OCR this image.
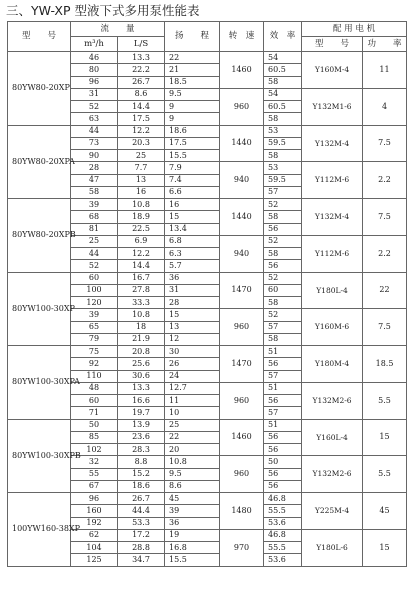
三、YW-XP 型液下式多用泵性能表
型　　号	流　　量		扬　　程	转　速	效　率	配 用 电 机	
	m³/h	L/S				型　　号	功　　率
80YW80-20XP	46	13.3	22	1460	54	Y160M-4	11
	80	22.2	21		60.5		
	96	26.7	18.5		58		
	31	8.6	9.5	960	54	Y132M1-6	4
	52	14.4	9		60.5		
	63	17.5	9		58		
80YW80-20XPA	44	12.2	18.6	1440	53	Y132M-4	7.5
	73	20.3	17.5		59.5		
	90	25	15.5		58		
	28	7.7	7.9	940	53	Y112M-6	2.2
	47	13	7.4		59.5		
	58	16	6.6		57		
80YW80-20XPB	39	10.8	16	1440	52	Y132M-4	7.5
	68	18.9	15		58		
	81	22.5	13.4		56		
	25	6.9	6.8	940	52	Y112M-6	2.2
	44	12.2	6.3		58		
	52	14.4	5.7		56		
80YW100-30XP	60	16.7	36	1470	52	Y180L-4	22
	100	27.8	31		60		
	120	33.3	28		58		
	39	10.8	15	960	52	Y160M-6	7.5
	65	18	13		57		
	79	21.9	12		58		
80YW100-30XPA	75	20.8	30	1470	51	Y180M-4	18.5
	92	25.6	26		56		
	110	30.6	24		57		
	48	13.3	12.7	960	51	Y132M2-6	5.5
	60	16.6	11		56		
	71	19.7	10		57		
80YW100-30XPB	50	13.9	25	1460	51	Y160L-4	15
	85	23.6	22		56		
	102	28.3	20		56		
	32	8.8	10.8	960	50	Y132M2-6	5.5
	55	15.2	9.5		56		
	67	18.6	8.6		56		
100YW160-38XP	96	26.7	45	1480	46.8	Y225M-4	45
	160	44.4	39		55.5		
	192	53.3	36		53.6		
	62	17.2	19	970	46.8	Y180L-6	15
	104	28.8	16.8		55.5		
	125	34.7	15.5		53.6		
